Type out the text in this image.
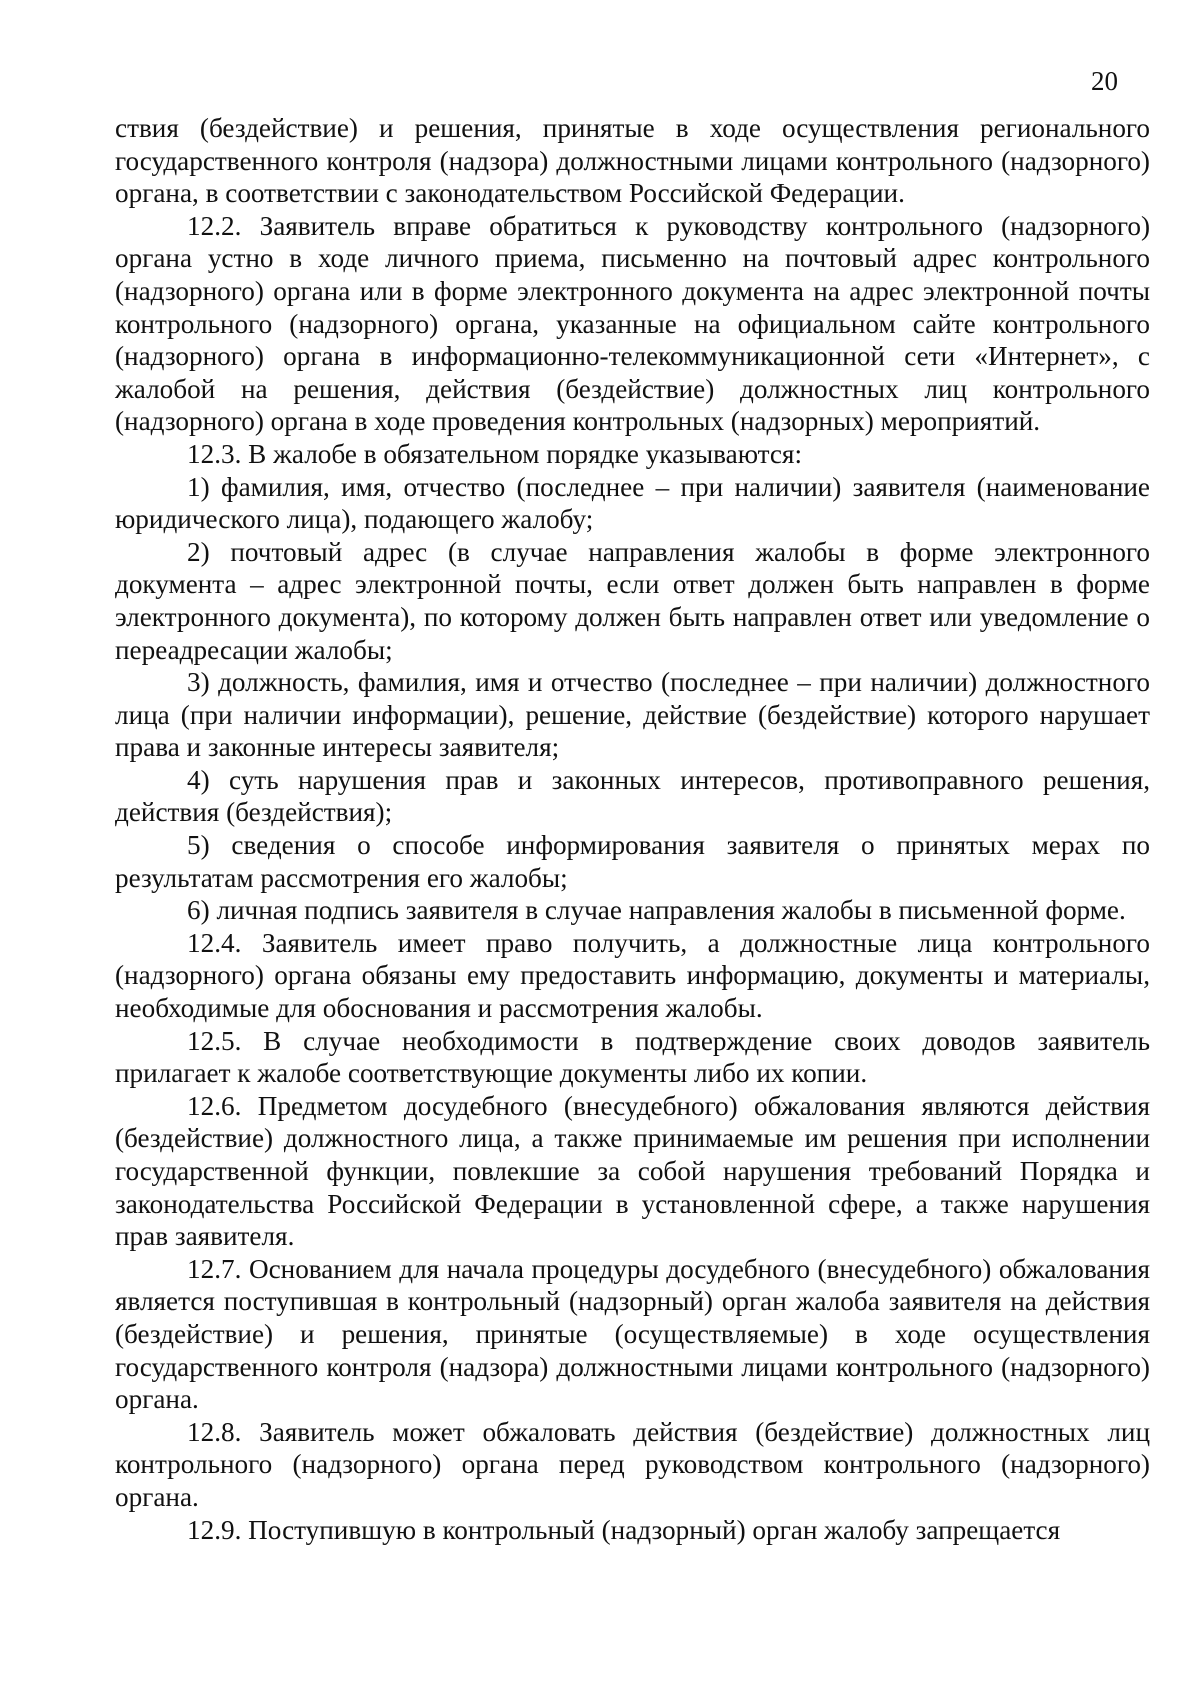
20

ствия (бездействие) и решения, принятые в ходе осуществления регионального государственного контроля (надзора) должностными лицами контрольного (надзорного) органа, в соответствии с законодательством Российской Федерации.

12.2. Заявитель вправе обратиться к руководству контрольного (надзорного) органа устно в ходе личного приема, письменно на почтовый адрес контрольного (надзорного) органа или в форме электронного документа на адрес электронной почты контрольного (надзорного) органа, указанные на официальном сайте контрольного (надзорного) органа в информационно-телекоммуникационной сети «Интернет», с жалобой на решения, действия (бездействие) должностных лиц контрольного (надзорного) органа в ходе проведения контрольных (надзорных) мероприятий.

12.3. В жалобе в обязательном порядке указываются:

1) фамилия, имя, отчество (последнее – при наличии) заявителя (наименование юридического лица), подающего жалобу;

2) почтовый адрес (в случае направления жалобы в форме электронного документа – адрес электронной почты, если ответ должен быть направлен в форме электронного документа), по которому должен быть направлен ответ или уведомление о переадресации жалобы;

3) должность, фамилия, имя и отчество (последнее – при наличии) должностного лица (при наличии информации), решение, действие (бездействие) которого нарушает права и законные интересы заявителя;

4) суть нарушения прав и законных интересов, противоправного решения, действия (бездействия);

5) сведения о способе информирования заявителя о принятых мерах по результатам рассмотрения его жалобы;

6) личная подпись заявителя в случае направления жалобы в письменной форме.

12.4. Заявитель имеет право получить, а должностные лица контрольного (надзорного) органа обязаны ему предоставить информацию, документы и материалы, необходимые для обоснования и рассмотрения жалобы.

12.5. В случае необходимости в подтверждение своих доводов заявитель прилагает к жалобе соответствующие документы либо их копии.

12.6. Предметом досудебного (внесудебного) обжалования являются действия (бездействие) должностного лица, а также принимаемые им решения при исполнении государственной функции, повлекшие за собой нарушения требований Порядка и законодательства Российской Федерации в установленной сфере, а также нарушения прав заявителя.

12.7. Основанием для начала процедуры досудебного (внесудебного) обжалования является поступившая в контрольный (надзорный) орган жалоба заявителя на действия (бездействие) и решения, принятые (осуществляемые) в ходе осуществления государственного контроля (надзора) должностными лицами контрольного (надзорного) органа.

12.8. Заявитель может обжаловать действия (бездействие) должностных лиц контрольного (надзорного) органа перед руководством контрольного (надзорного) органа.

12.9. Поступившую в контрольный (надзорный) орган жалобу запрещается
